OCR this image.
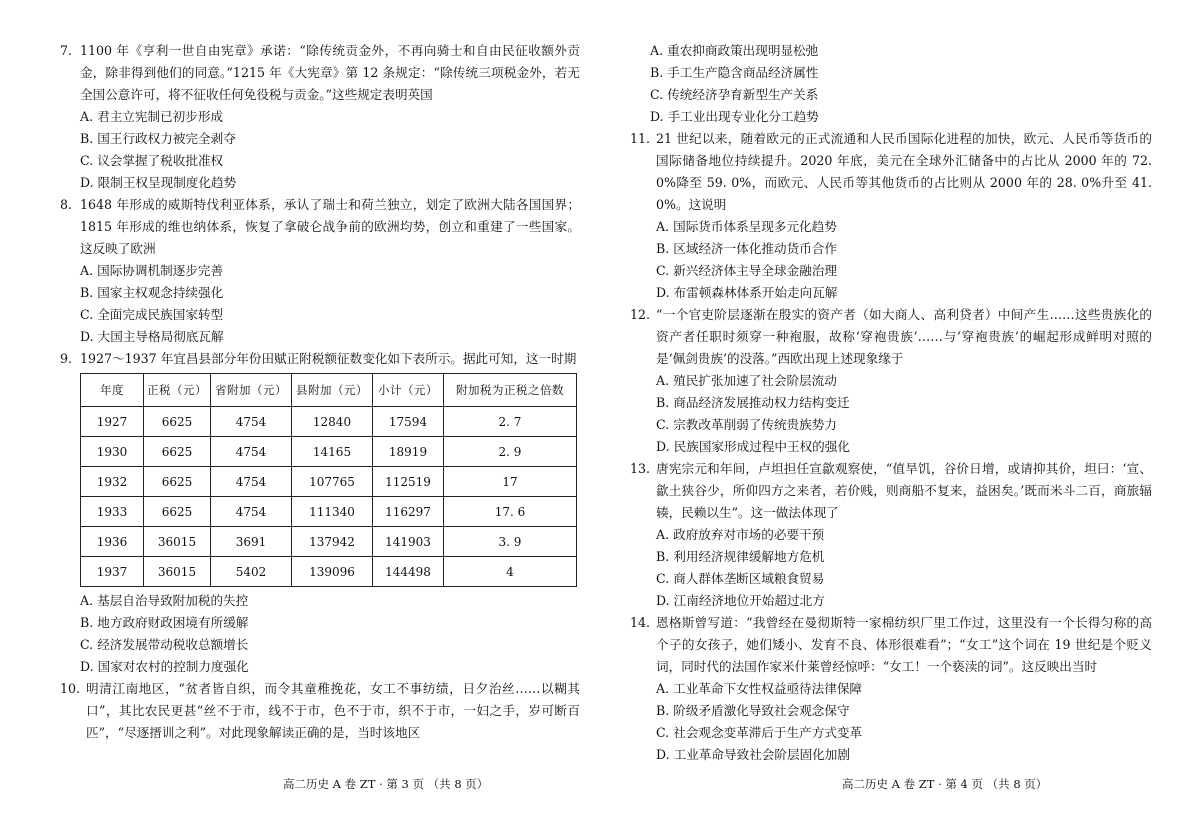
7. 1100 年《亨利一世自由宪章》承诺：“除传统贡金外，不再向骑士和自由民征收额外贡金，除非得到他们的同意。”1215 年《大宪章》第 12 条规定：“除传统三项税金外，若无全国公意许可，将不征收任何免役税与贡金。”这些规定表明英国
A. 君主立宪制已初步形成
B. 国王行政权力被完全剥夺
C. 议会掌握了税收批准权
D. 限制王权呈现制度化趋势
8. 1648 年形成的威斯特伐利亚体系，承认了瑞士和荷兰独立，划定了欧洲大陆各国国界；1815 年形成的维也纳体系，恢复了拿破仑战争前的欧洲均势，创立和重建了一些国家。这反映了欧洲
A. 国际协调机制逐步完善
B. 国家主权观念持续强化
C. 全面完成民族国家转型
D. 大国主导格局彻底瓦解
9. 1927～1937 年宜昌县部分年份田赋正附税额征数变化如下表所示。据此可知，这一时期
年度	正税（元）	省附加（元）	县附加（元）	小计（元）	附加税为正税之倍数
1927	6625	4754	12840	17594	2. 7
1930	6625	4754	14165	18919	2. 9
1932	6625	4754	107765	112519	17
1933	6625	4754	111340	116297	17. 6
1936	36015	3691	137942	141903	3. 9
1937	36015	5402	139096	144498	4
A. 基层自治导致附加税的失控
B. 地方政府财政困境有所缓解
C. 经济发展带动税收总额增长
D. 国家对农村的控制力度强化
10. 明清江南地区，“贫者皆自织，而令其童稚挽花，女工不事纺绩，日夕治丝……以糊其口”，其比农民更甚“丝不于市，线不于市，色不于市，织不于市，一妇之手，岁可断百匹”，“尽逐搢训之利”。对此现象解读正确的是，当时该地区
A. 重农抑商政策出现明显松弛
B. 手工生产隐含商品经济属性
C. 传统经济孕育新型生产关系
D. 手工业出现专业化分工趋势
11. 21 世纪以来，随着欧元的正式流通和人民币国际化进程的加快，欧元、人民币等货币的国际储备地位持续提升。2020 年底，美元在全球外汇储备中的占比从 2000 年的 72. 0%降至 59. 0%，而欧元、人民币等其他货币的占比则从 2000 年的 28. 0%升至 41. 0%。这说明
A. 国际货币体系呈现多元化趋势
B. 区域经济一体化推动货币合作
C. 新兴经济体主导全球金融治理
D. 布雷顿森林体系开始走向瓦解
12. “一个官吏阶层逐渐在殷实的资产者（如大商人、高利贷者）中间产生……这些贵族化的资产者任职时须穿一种袍服，故称‘穿袍贵族’……与‘穿袍贵族’的崛起形成鲜明对照的是‘佩剑贵族’的没落。”西欧出现上述现象缘于
A. 殖民扩张加速了社会阶层流动
B. 商品经济发展推动权力结构变迁
C. 宗教改革削弱了传统贵族势力
D. 民族国家形成过程中王权的强化
13. 唐宪宗元和年间，卢坦担任宣歙观察使，“值旱饥，谷价日增，或请抑其价，坦曰：‘宣、歙土狭谷少，所仰四方之来者，若价贱，则商船不复来，益困矣。’既而米斗二百，商旅辐辏，民赖以生”。这一做法体现了
A. 政府放弃对市场的必要干预
B. 利用经济规律缓解地方危机
C. 商人群体垄断区域粮食贸易
D. 江南经济地位开始超过北方
14. 恩格斯曾写道：“我曾经在曼彻斯特一家棉纺织厂里工作过，这里没有一个长得匀称的高个子的女孩子，她们矮小、发育不良、体形很难看”；“女工”这个词在 19 世纪是个贬义词，同时代的法国作家米什莱曾经惊呼：“女工！一个亵渎的词”。这反映出当时
A. 工业革命下女性权益亟待法律保障
B. 阶级矛盾激化导致社会观念保守
C. 社会观念变革滞后于生产方式变革
D. 工业革命导致社会阶层固化加剧
高二历史 A 卷 ZT · 第 3 页 （共 8 页）	高二历史 A 卷 ZT · 第 4 页 （共 8 页）
